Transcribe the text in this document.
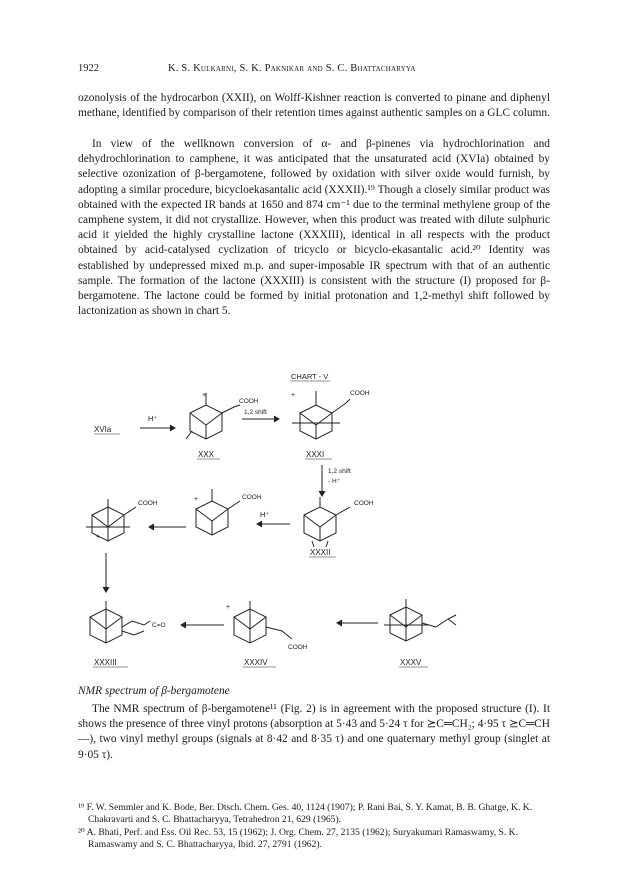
1922	K. S. Kulkarni, S. K. Paknikar and S. C. Bhattacharyya

ozonolysis of the hydrocarbon (XXII), on Wolff-Kishner reaction is converted to pinane and diphenyl methane, identified by comparison of their retention times against authentic samples on a GLC column.

In view of the wellknown conversion of α- and β-pinenes via hydrochlorination and dehydrochlorination to camphene, it was anticipated that the unsaturated acid (XVIa) obtained by selective ozonization of β-bergamotene, followed by oxidation with silver oxide would furnish, by adopting a similar procedure, bicycloekasantalic acid (XXXII).¹⁹ Though a closely similar product was obtained with the expected IR bands at 1650 and 874 cm⁻¹ due to the terminal methylene group of the camphene system, it did not crystallize. However, when this product was treated with dilute sulphuric acid it yielded the highly crystalline lactone (XXXIII), identical in all respects with the product obtained by acid-catalysed cyclization of tricyclo or bicyclo-ekasantalic acid.²⁰ Identity was established by undepressed mixed m.p. and super-imposable IR spectrum with that of an authentic sample. The formation of the lactone (XXXIII) is consistent with the structure (I) proposed for β-bergamotene. The lactone could be formed by initial protonation and 1,2-methyl shift followed by lactonization as shown in chart 5.

CHART - V
XVIa
H⁺
+
COOH
1,2 shift
XXX
+	COOH
XXXI
1,2 shift
- H⁺
COOH
XXXII
H⁺
+	COOH
+
COOH
C=O
XXXIII
+
COOH
XXXIV	XXXV
NMR spectrum of β-bergamotene

The NMR spectrum of β-bergamotene¹¹ (Fig. 2) is in agreement with the proposed structure (I). It shows the presence of three vinyl protons (absorption at 5·43 and 5·24 τ for ⪰C═CH₂; 4·95 τ ⪰C═CH—), two vinyl methyl groups (signals at 8·42 and 8·35 τ) and one quaternary methyl group (singlet at 9·05 τ).

¹⁹ F. W. Semmler and K. Bode, Ber. Dtsch. Chem. Ges. 40, 1124 (1907); P. Rani Bai, S. Y. Kamat, B. B. Ghatge, K. K. Chakravarti and S. C. Bhattacharyya, Tetrahedron 21, 629 (1965).

²⁰ A. Bhati, Perf. and Ess. Oil Rec. 53, 15 (1962); J. Org. Chem. 27, 2135 (1962); Suryakumari Ramaswamy, S. K. Ramaswamy and S. C. Bhattacharyya, Ibid. 27, 2791 (1962).
